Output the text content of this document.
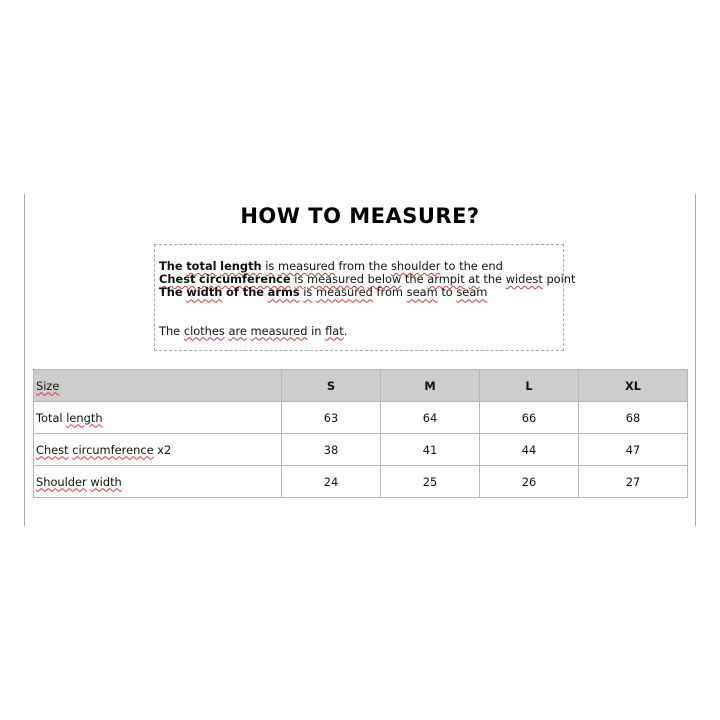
HOW TO MEASURE?
The total length is measured from the shoulder to the end
Chest circumference is measured below the armpit at the widest point
The width of the arms is measured from seam to seam
The clothes are measured in flat.
Size	S	M	L	XL
Total length	63	64	66	68
Chest circumference x2	38	41	44	47
Shoulder width	24	25	26	27
